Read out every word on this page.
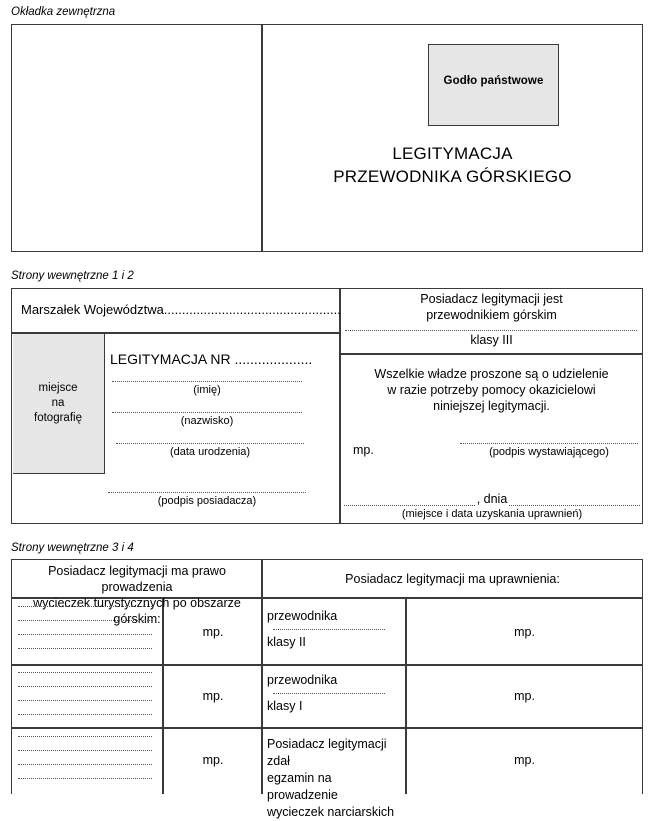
Okładka zewnętrzna
Godło państwowe
LEGITYMACJA
PRZEWODNIKA GÓRSKIEGO
Strony wewnętrzne 1 i 2
Marszałek Województwa.................................................
miejsce
na
fotografię
LEGITYMACJA NR ....................
(imię)
(nazwisko)
(data urodzenia)
(podpis posiadacza)
Posiadacz legitymacji jest
przewodnikiem górskim
klasy III
Wszelkie władze proszone są o udzielenie
w razie potrzeby pomocy okazicielowi
niniejszej legitymacji.
mp.	(podpis wystawiającego)
, dnia
(miejsce i data uzyskania uprawnień)
Strony wewnętrzne 3 i 4
Posiadacz legitymacji ma prawo prowadzenia
wycieczek turystycznych po obszarze górskim:
Posiadacz legitymacji ma uprawnienia:
mp.
przewodnika
klasy II
mp.
mp.
przewodnika
klasy I
mp.
mp.
Posiadacz legitymacji zdał
egzamin na prowadzenie
wycieczek narciarskich
mp.
